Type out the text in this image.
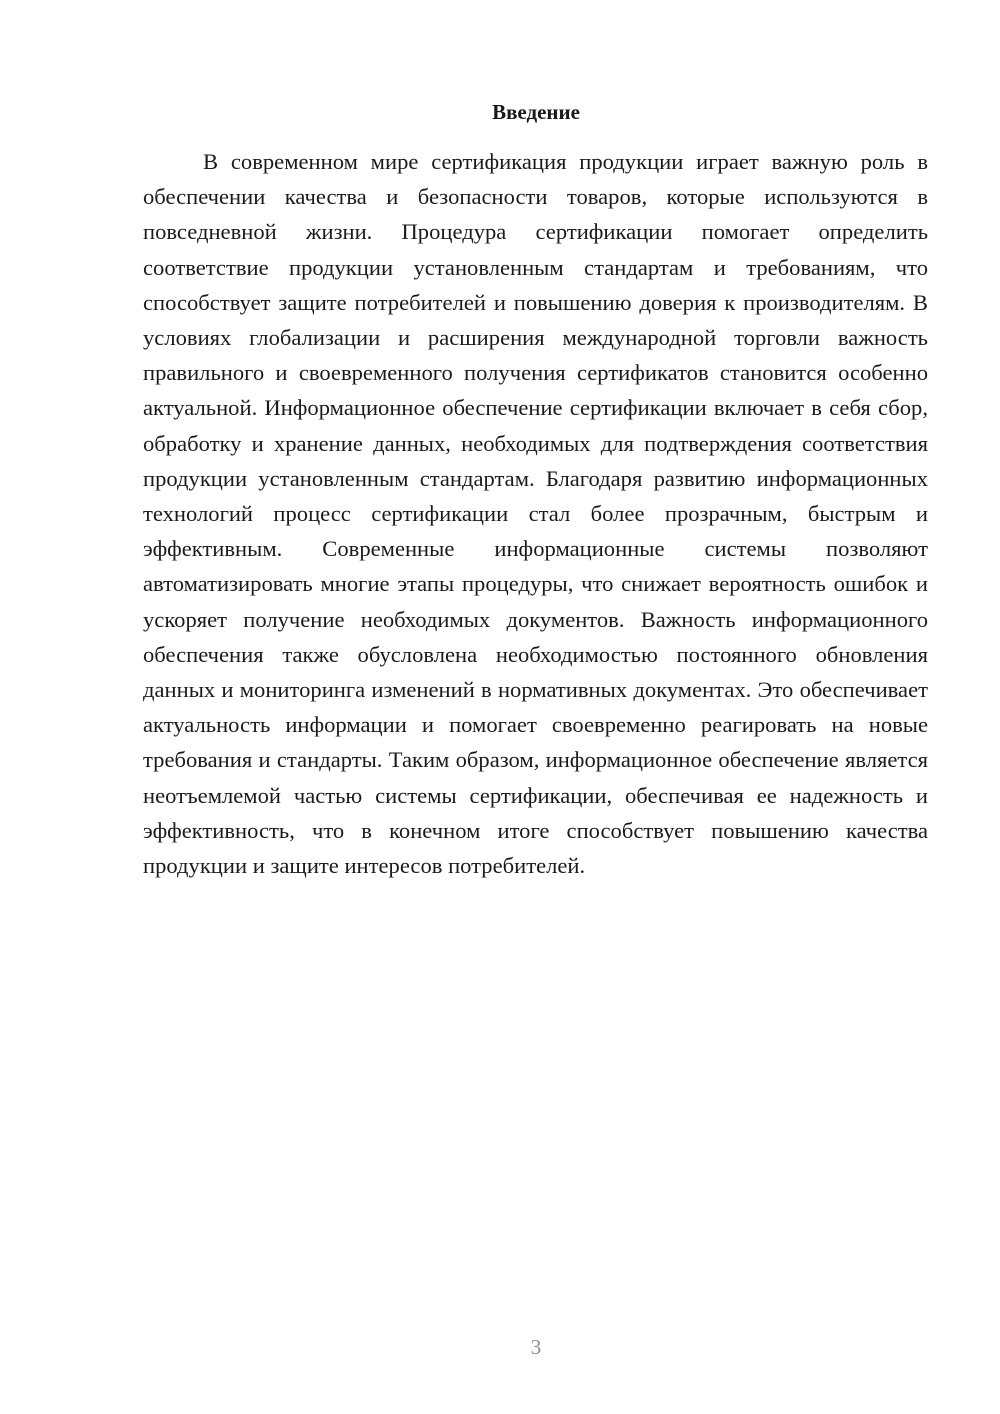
Введение

В современном мире сертификация продукции играет важную роль в обеспечении качества и безопасности товаров, которые используются в повседневной жизни. Процедура сертификации помогает определить соответствие продукции установленным стандартам и требованиям, что способствует защите потребителей и повышению доверия к производителям. В условиях глобализации и расширения международной торговли важность правильного и своевременного получения сертификатов становится особенно актуальной. Информационное обеспечение сертификации включает в себя сбор, обработку и хранение данных, необходимых для подтверждения соответствия продукции установленным стандартам. Благодаря развитию информационных технологий процесс сертификации стал более прозрачным, быстрым и эффективным. Современные информационные системы позволяют автоматизировать многие этапы процедуры, что снижает вероятность ошибок и ускоряет получение необходимых документов. Важность информационного обеспечения также обусловлена необходимостью постоянного обновления данных и мониторинга изменений в нормативных документах. Это обеспечивает актуальность информации и помогает своевременно реагировать на новые требования и стандарты. Таким образом, информационное обеспечение является неотъемлемой частью системы сертификации, обеспечивая ее надежность и эффективность, что в конечном итоге способствует повышению качества продукции и защите интересов потребителей.

3
